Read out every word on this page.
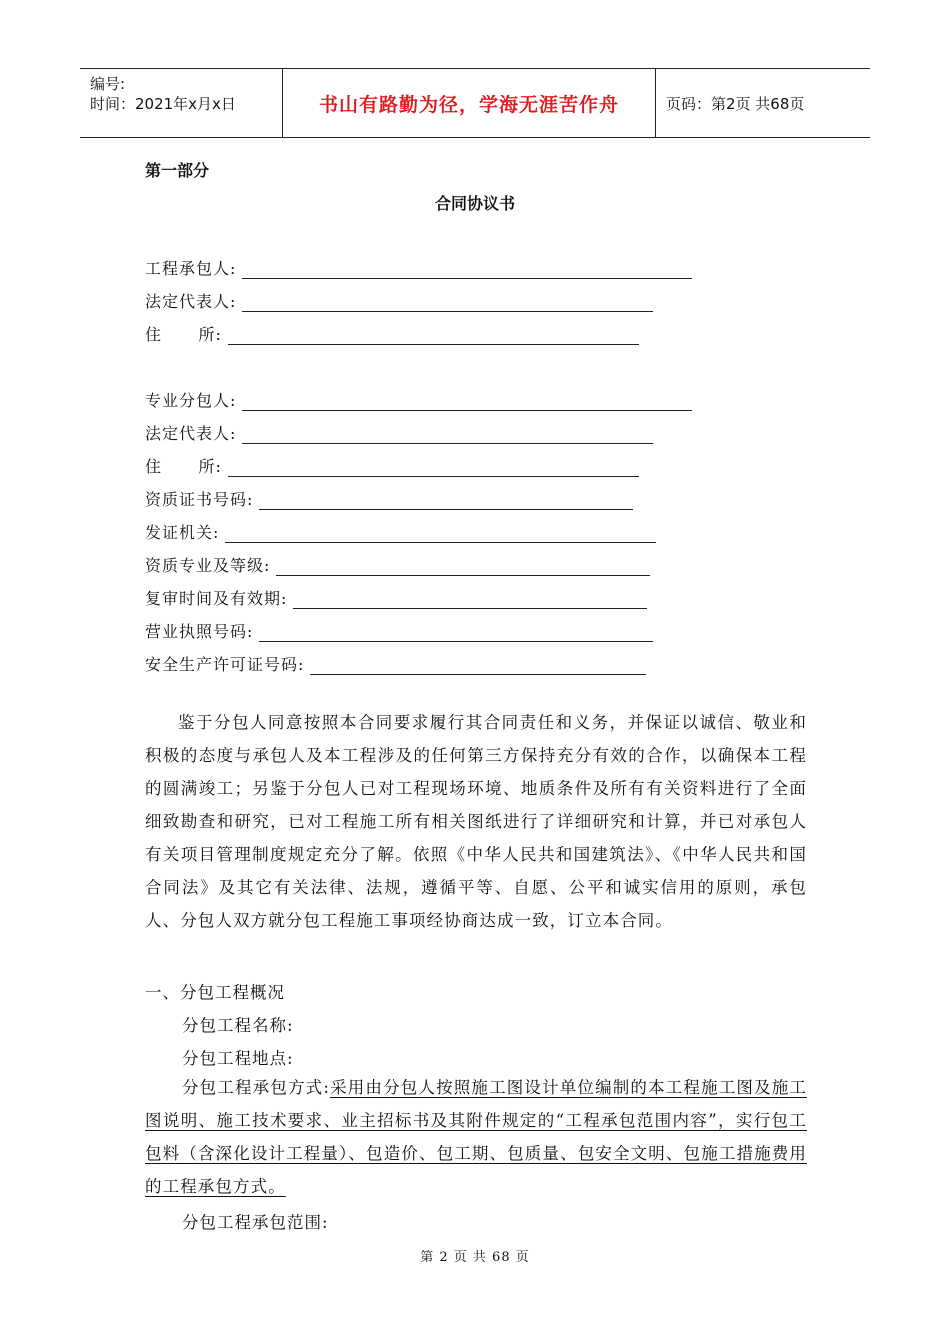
编号:
时间：2021年x月x日	书山有路勤为径，学海无涯苦作舟	页码：第2页 共68页
第一部分
合同协议书
工程承包人:
法定代表人:
住      所:
专业分包人:
法定代表人:
住      所:
资质证书号码:
发证机关:
资质专业及等级:
复审时间及有效期:
营业执照号码:
安全生产许可证号码:

鉴于分包人同意按照本合同要求履行其合同责任和义务，并保证以诚信、敬业和积极的态度与承包人及本工程涉及的任何第三方保持充分有效的合作，以确保本工程的圆满竣工；另鉴于分包人已对工程现场环境、地质条件及所有有关资料进行了全面细致勘查和研究，已对工程施工所有相关图纸进行了详细研究和计算，并已对承包人有关项目管理制度规定充分了解。依照《中华人民共和国建筑法》、《中华人民共和国合同法》及其它有关法律、法规，遵循平等、自愿、公平和诚实信用的原则，承包人、分包人双方就分包工程施工事项经协商达成一致，订立本合同。

一、分包工程概况
分包工程名称:
分包工程地点:
分包工程承包方式:采用由分包人按照施工图设计单位编制的本工程施工图及施工图说明、施工技术要求、业主招标书及其附件规定的“工程承包范围内容”，实行包工包料（含深化设计工程量）、包造价、包工期、包质量、包安全文明、包施工措施费用的工程承包方式。
分包工程承包范围:
第 2 页 共 68 页
